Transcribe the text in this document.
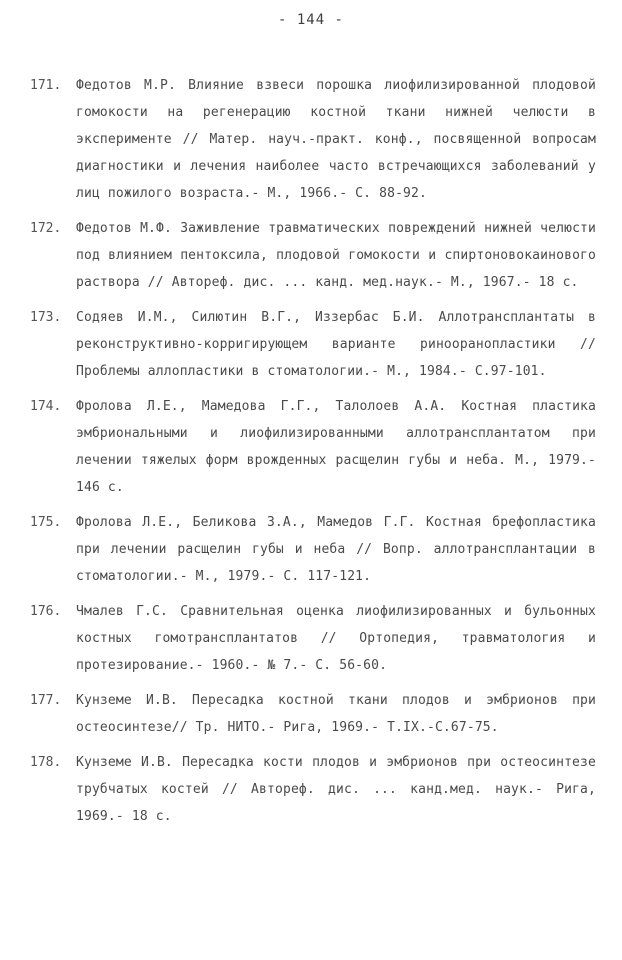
- 144 -
171.	Федотов М.Р. Влияние взвеси порошка лиофилизированной плодовой гомокости на регенерацию костной ткани нижней челюсти в эксперименте // Матер. науч.-практ. конф., посвященной вопросам диагностики и лечения наиболее часто встречающихся заболеваний у лиц пожилого возраста.- М., 1966.- С. 88-92.
172.	Федотов М.Ф. Заживление травматических повреждений нижней челюсти под влиянием пентоксила, плодовой гомокости и спиртоновокаинового раствора // Автореф. дис. ... канд. мед.наук.- М., 1967.- 18 с.
173.	Содяев И.М., Силютин В.Г., Иззербас Б.И. Аллотрансплантаты в реконструктивно-корригирующем варианте ринооранопластики // Проблемы аллопластики в стоматологии.- М., 1984.- С.97-101.
174.	Фролова Л.Е., Мамедова Г.Г., Талолоев А.А. Костная пластика эмбриональными и лиофилизированными аллотрансплантатом при лечении тяжелых форм врожденных расщелин губы и неба. М., 1979.- 146 с.
175.	Фролова Л.Е., Беликова З.А., Мамедов Г.Г. Костная брефопластика при лечении расщелин губы и неба // Вопр. аллотрансплантации в стоматологии.- М., 1979.- С. 117-121.
176.	Чмалев Г.С. Сравнительная оценка лиофилизированных и бульонных костных гомотрансплантатов // Ортопедия, травматология и протезирование.- 1960.- № 7.- С. 56-60.
177.	Кунземе И.В. Пересадка костной ткани плодов и эмбрионов при остеосинтезе// Тр. НИТО.- Рига, 1969.- Т.IX.-С.67-75.
178.	Кунземе И.В. Пересадка кости плодов и эмбрионов при остеосинтезе трубчатых костей // Автореф. дис. ... канд.мед. наук.- Рига, 1969.- 18 с.
